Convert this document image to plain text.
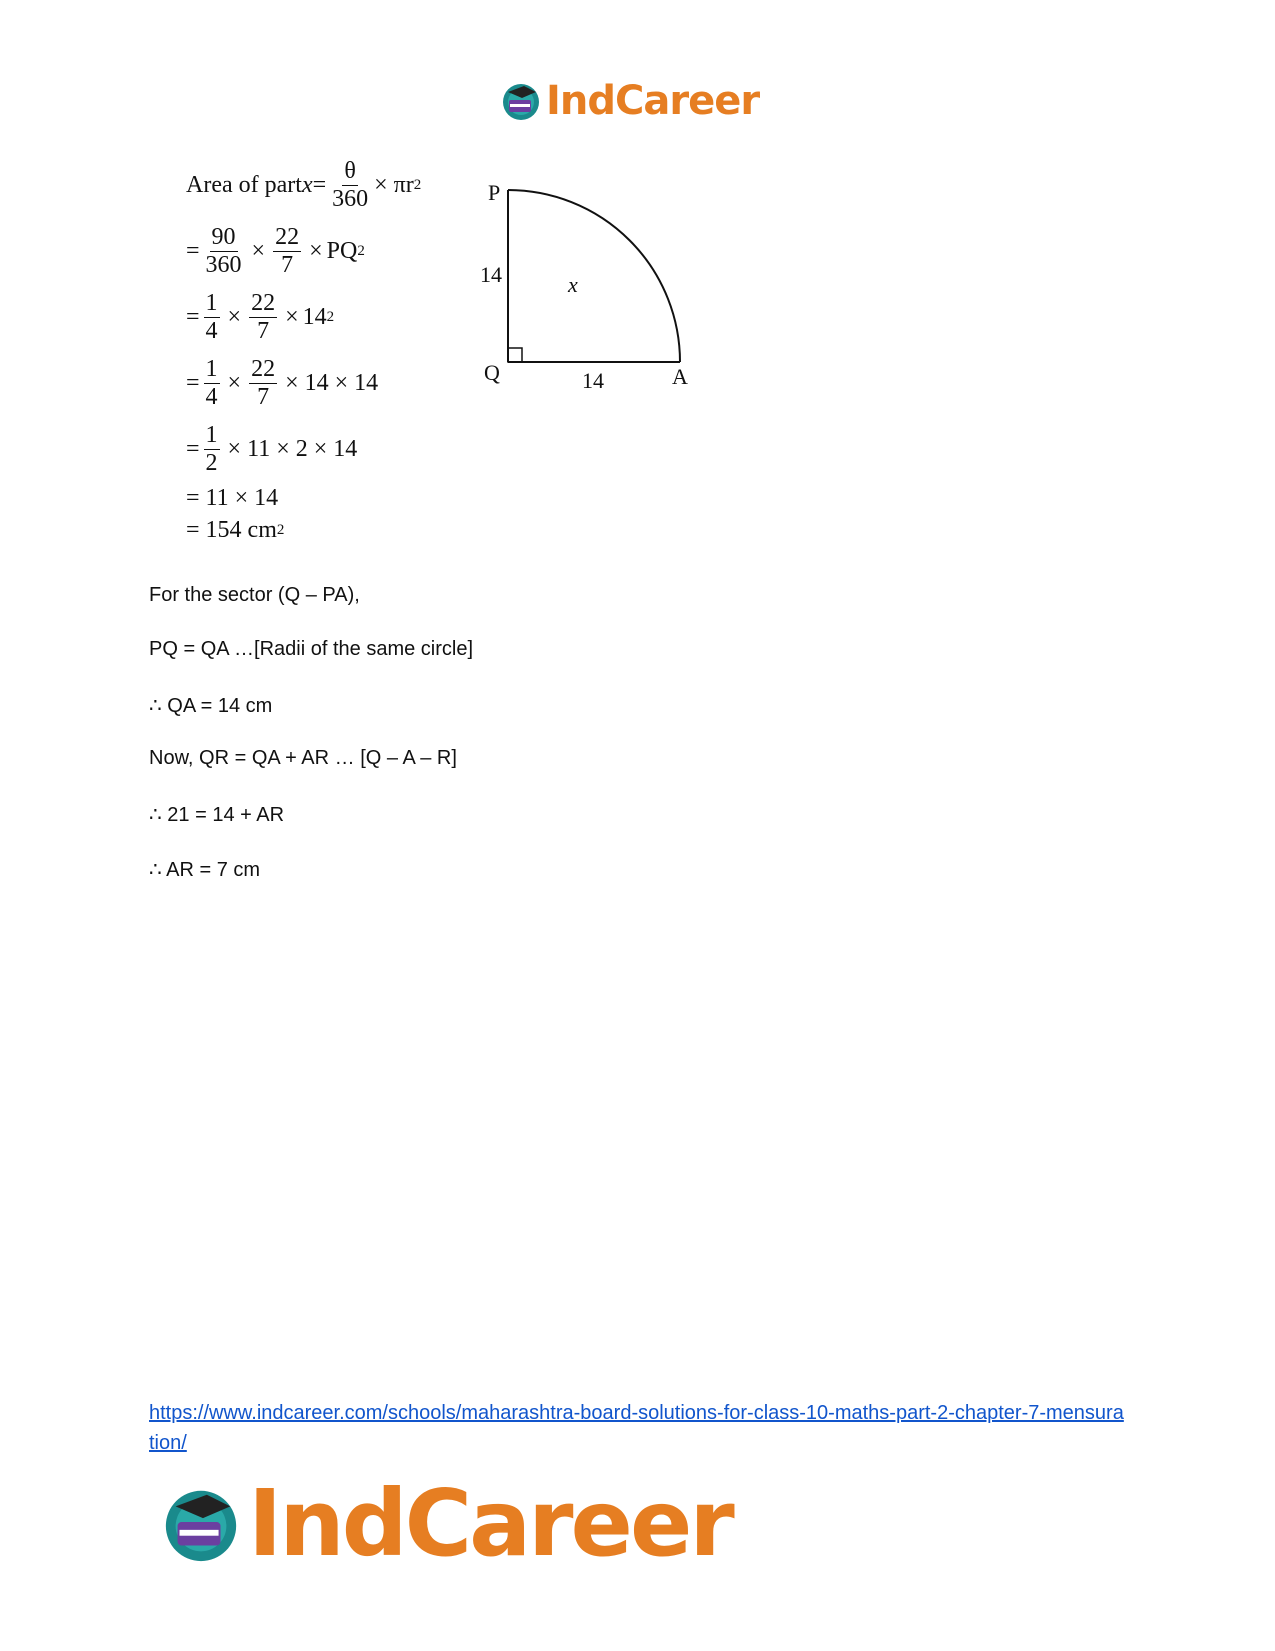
IndCareer
Area of part $x = \frac{\theta}{360} \times \pi r$ 2
= $\frac{90}{360} \times \frac{22}{7}$ × PQ 2
= $\frac{1}{4} \times \frac{22}{7} \times 14$ 2
= $\frac{1}{4} \times \frac{22}{7} \times 14 \times 14$
= $\frac{1}{2} \times 11 \times 2 \times 14$
= 11 × 14
= 154 cm 2
P
Q	A
x
14
14
For the sector (Q – PA),
PQ = QA …[Radii of the same circle]
∴ QA = 14 cm
Now, QR = QA + AR … [Q – A – R]
∴ 21 = 14 + AR
∴ AR = 7 cm
https://www.indcareer.com/schools/maharashtra-board-solutions-for-class-10-maths-part-2-chapter-7-mensuration/
IndCareer
